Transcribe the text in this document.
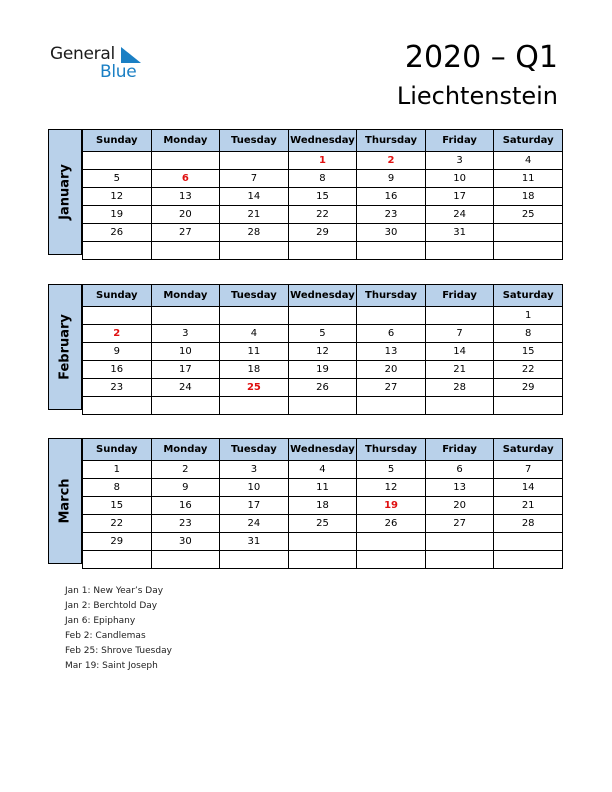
General
Blue	2020 – Q1
Liechtenstein
January
Sunday	Monday	Tuesday	Wednesday	Thursday	Friday	Saturday
			1	2	3	4
5	6	7	8	9	10	11
12	13	14	15	16	17	18
19	20	21	22	23	24	25
26	27	28	29	30	31	

February
Sunday	Monday	Tuesday	Wednesday	Thursday	Friday	Saturday
						1
2	3	4	5	6	7	8
9	10	11	12	13	14	15
16	17	18	19	20	21	22
23	24	25	26	27	28	29

March
Sunday	Monday	Tuesday	Wednesday	Thursday	Friday	Saturday
1	2	3	4	5	6	7
8	9	10	11	12	13	14
15	16	17	18	19	20	21
22	23	24	25	26	27	28
29	30	31				

Jan 1: New Year’s Day
Jan 2: Berchtold Day
Jan 6: Epiphany
Feb 2: Candlemas
Feb 25: Shrove Tuesday
Mar 19: Saint Joseph
